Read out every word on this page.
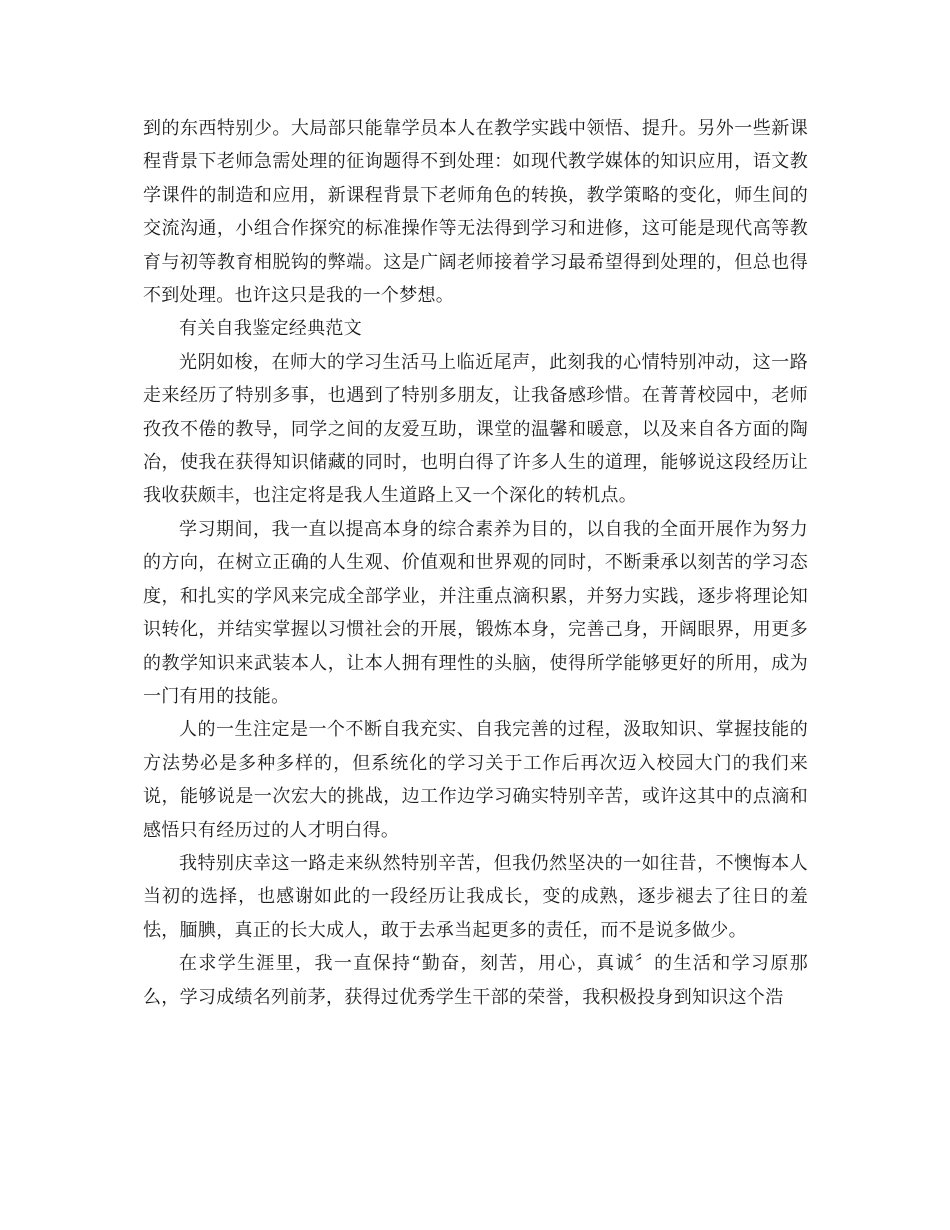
到的东西特别少。大局部只能靠学员本人在教学实践中领悟、提升。另外一些新课程背景下老师急需处理的征询题得不到处理：如现代教学媒体的知识应用，语文教学课件的制造和应用，新课程背景下老师角色的转换，教学策略的变化，师生间的交流沟通，小组合作探究的标准操作等无法得到学习和进修，这可能是现代高等教育与初等教育相脱钩的弊端。这是广阔老师接着学习最希望得到处理的，但总也得不到处理。也许这只是我的一个梦想。

有关自我鉴定经典范文

光阴如梭，在师大的学习生活马上临近尾声，此刻我的心情特别冲动，这一路走来经历了特别多事，也遇到了特别多朋友，让我备感珍惜。在菁菁校园中，老师孜孜不倦的教导，同学之间的友爱互助，课堂的温馨和暖意，以及来自各方面的陶冶，使我在获得知识储藏的同时，也明白得了许多人生的道理，能够说这段经历让我收获颇丰，也注定将是我人生道路上又一个深化的转机点。

学习期间，我一直以提高本身的综合素养为目的，以自我的全面开展作为努力的方向，在树立正确的人生观、价值观和世界观的同时，不断秉承以刻苦的学习态度，和扎实的学风来完成全部学业，并注重点滴积累，并努力实践，逐步将理论知识转化，并结实掌握以习惯社会的开展，锻炼本身，完善己身，开阔眼界，用更多的教学知识来武装本人，让本人拥有理性的头脑，使得所学能够更好的所用，成为一门有用的技能。

人的一生注定是一个不断自我充实、自我完善的过程，汲取知识、掌握技能的方法势必是多种多样的，但系统化的学习关于工作后再次迈入校园大门的我们来说，能够说是一次宏大的挑战，边工作边学习确实特别辛苦，或许这其中的点滴和感悟只有经历过的人才明白得。

我特别庆幸这一路走来纵然特别辛苦，但我仍然坚决的一如往昔，不懊悔本人当初的选择，也感谢如此的一段经历让我成长，变的成熟，逐步褪去了往日的羞怯，腼腆，真正的长大成人，敢于去承当起更多的责任，而不是说多做少。

在求学生涯里，我一直保持“勤奋，刻苦，用心，真诚〞的生活和学习原那么，学习成绩名列前茅，获得过优秀学生干部的荣誉，我积极投身到知识这个浩
